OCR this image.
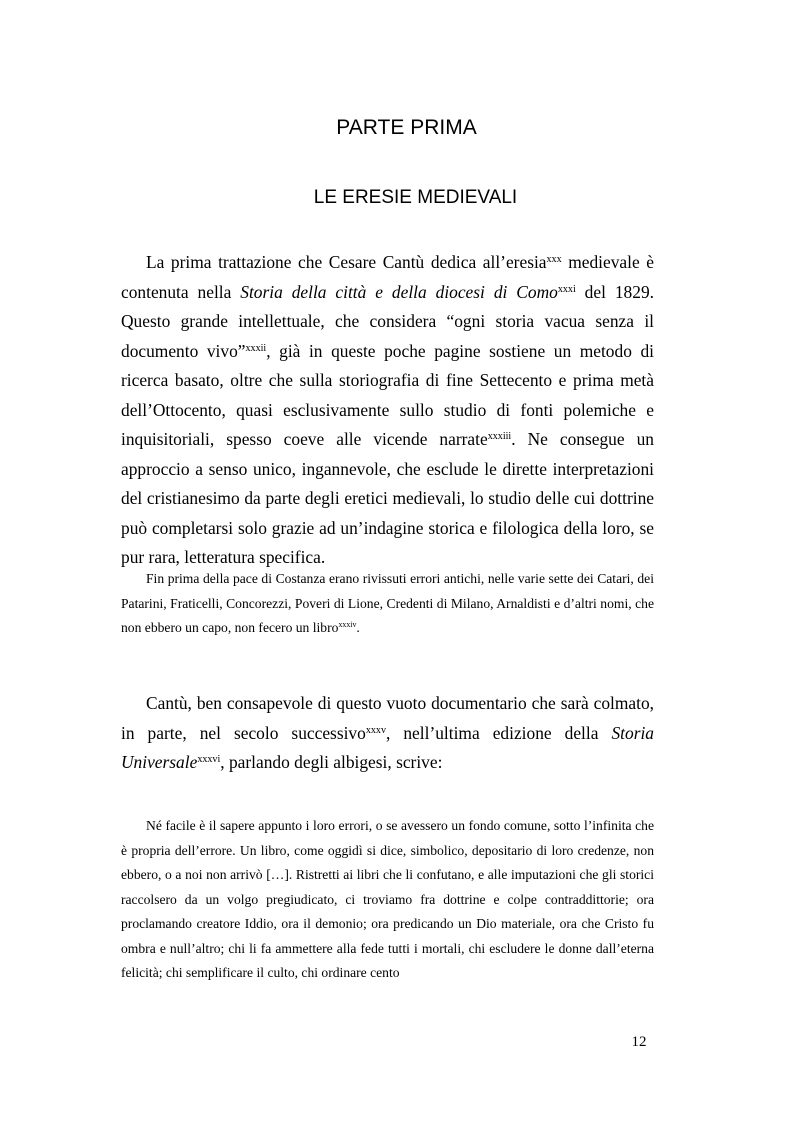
PARTE PRIMA
LE ERESIE MEDIEVALI

La prima trattazione che Cesare Cantù dedica all’eresia$^{xxx}$ medievale è contenuta nella Storia della città e della diocesi di Como$^{xxxi}$ del 1829. Questo grande intellettuale, che considera “ogni storia vacua senza il documento vivo”$^{xxxii}$, già in queste poche pagine sostiene un metodo di ricerca basato, oltre che sulla storiografia di fine Settecento e prima metà dell’Ottocento, quasi esclusivamente sullo studio di fonti polemiche e inquisitoriali, spesso coeve alle vicende narrate$^{xxxiii}$. Ne consegue un approccio a senso unico, ingannevole, che esclude le dirette interpretazioni del cristianesimo da parte degli eretici medievali, lo studio delle cui dottrine può completarsi solo grazie ad un’indagine storica e filologica della loro, se pur rara, letteratura specifica.

Fin prima della pace di Costanza erano rivissuti errori antichi, nelle varie sette dei Catari, dei Patarini, Fraticelli, Concorezzi, Poveri di Lione, Credenti di Milano, Arnaldisti e d’altri nomi, che non ebbero un capo, non fecero un libro$^{xxxiv}$.

Cantù, ben consapevole di questo vuoto documentario che sarà colmato, in parte, nel secolo successivo$^{xxxv}$, nell’ultima edizione della Storia Universale$^{xxxvi}$, parlando degli albigesi, scrive:

Né facile è il sapere appunto i loro errori, o se avessero un fondo comune, sotto l’infinita che è propria dell’errore. Un libro, come oggidì si dice, simbolico, depositario di loro credenze, non ebbero, o a noi non arrivò […]. Ristretti ai libri che li confutano, e alle imputazioni che gli storici raccolsero da un volgo pregiudicato, ci troviamo fra dottrine e colpe contraddittorie; ora proclamando creatore Iddio, ora il demonio; ora predicando un Dio materiale, ora che Cristo fu ombra e null’altro; chi li fa ammettere alla fede tutti i mortali, chi escludere le donne dall’eterna felicità; chi semplificare il culto, chi ordinare cento

12
